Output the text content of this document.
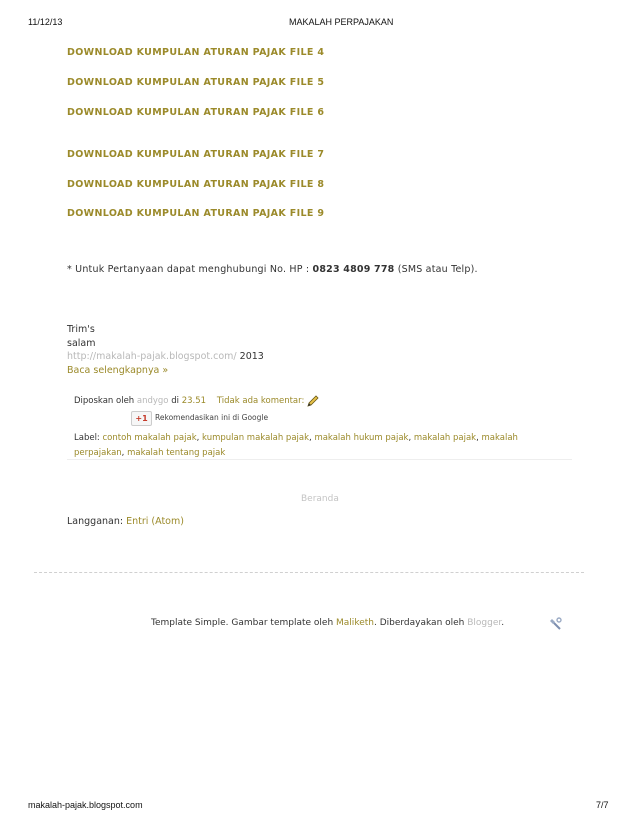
11/12/13	MAKALAH PERPAJAKAN
DOWNLOAD KUMPULAN ATURAN PAJAK FILE 4
DOWNLOAD KUMPULAN ATURAN PAJAK FILE 5
DOWNLOAD KUMPULAN ATURAN PAJAK FILE 6
DOWNLOAD KUMPULAN ATURAN PAJAK FILE 7
DOWNLOAD KUMPULAN ATURAN PAJAK FILE 8
DOWNLOAD KUMPULAN ATURAN PAJAK FILE 9
* Untuk Pertanyaan dapat menghubungi No. HP : 0823 4809 778 (SMS atau Telp).
Trim's
salam
http://makalah-pajak.blogspot.com/ 2013
Baca selengkapnya »
Diposkan oleh andygo di 23.51 Tidak ada komentar:
+1 Rekomendasikan ini di Google
Label: contoh makalah pajak, kumpulan makalah pajak, makalah hukum pajak, makalah pajak, makalah perpajakan, makalah tentang pajak
Beranda
Langganan: Entri (Atom)
Template Simple. Gambar template oleh Maliketh. Diberdayakan oleh Blogger.
makalah-pajak.blogspot.com	7/7
